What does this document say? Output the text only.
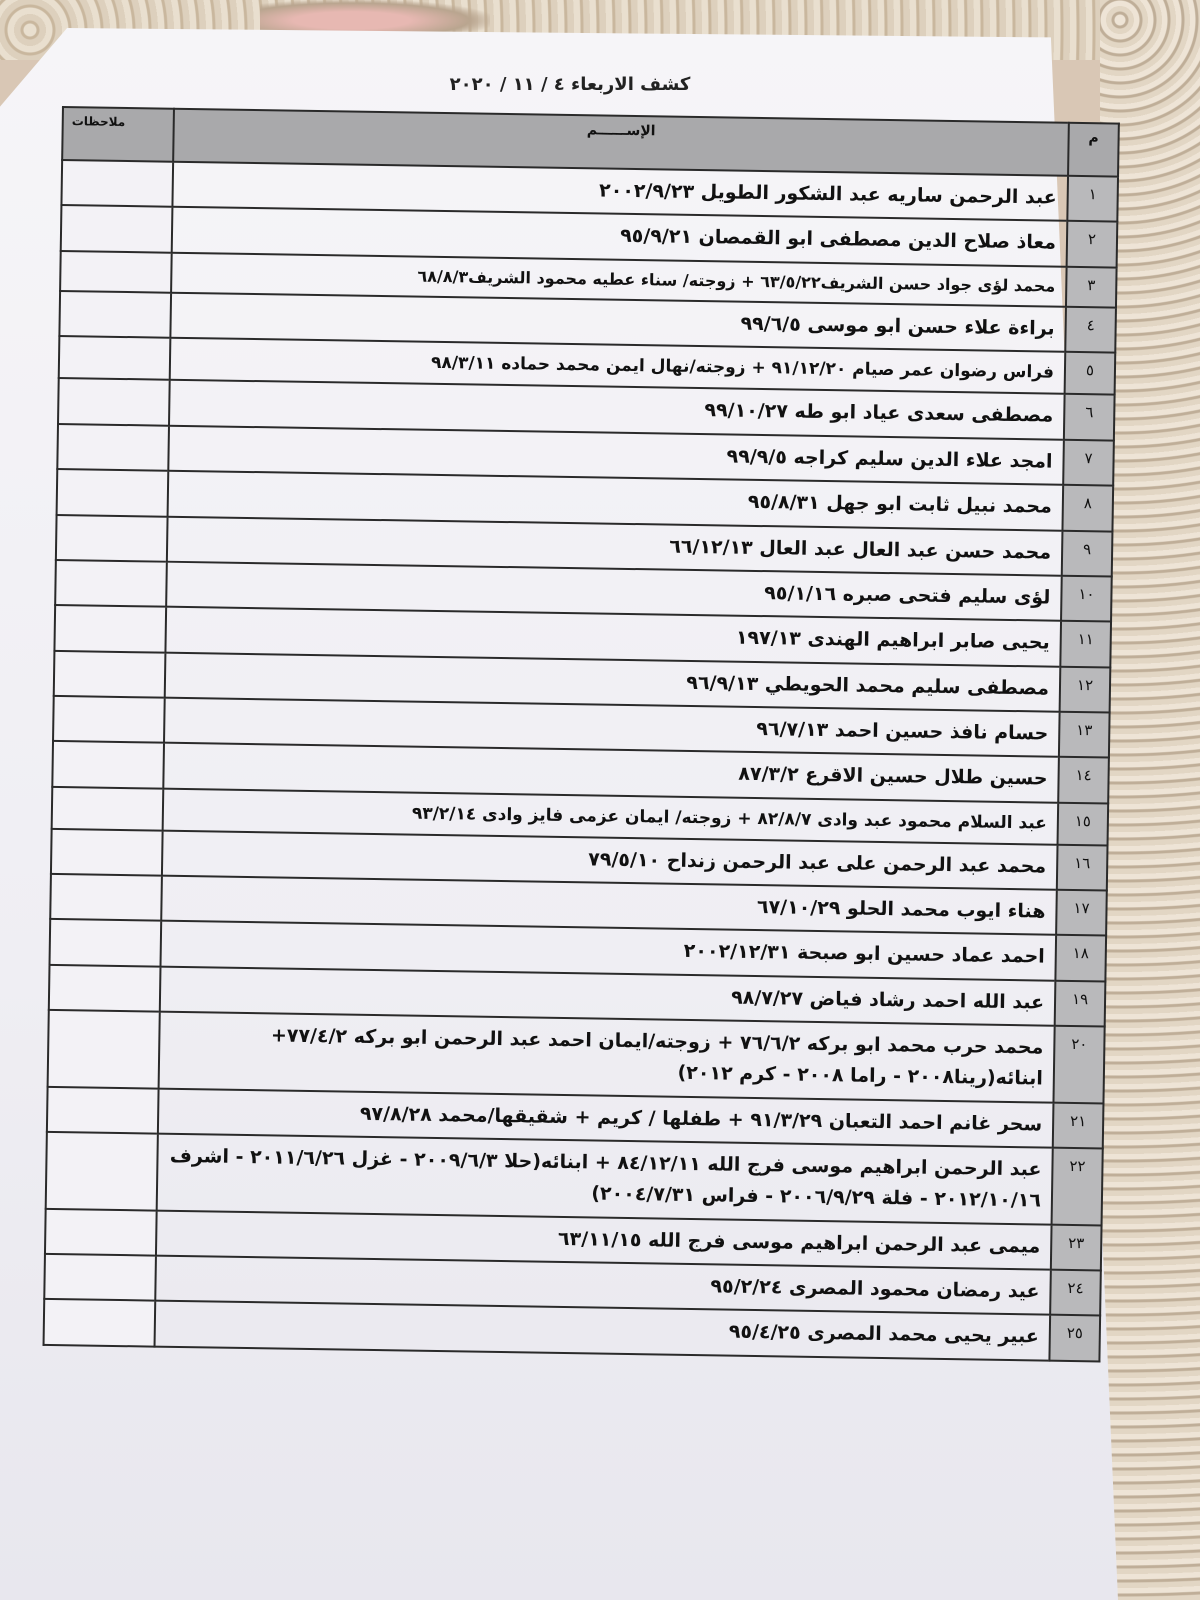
كشف الاربعاء ٤ / ١١ / ٢٠٢٠
م	الإســــــم	ملاحظات
١	عبد الرحمن ساريه عبد الشكور الطويل ٢٠٠٢/٩/٢٣	
٢	معاذ صلاح الدين مصطفى ابو القمصان ٩٥/٩/٢١	
٣	محمد لؤى جواد حسن الشريف٦٣/٥/٢٢ + زوجته/ سناء عطيه محمود الشريف٦٨/٨/٣	
٤	براءة علاء حسن ابو موسى ٩٩/٦/٥	
٥	فراس رضوان عمر صيام ٩١/١٢/٢٠ + زوجته/نهال ايمن محمد حماده ٩٨/٣/١١	
٦	مصطفى سعدى عياد ابو طه ٩٩/١٠/٢٧	
٧	امجد علاء الدين سليم كراجه ٩٩/٩/٥	
٨	محمد نبيل ثابت ابو جهل ٩٥/٨/٣١	
٩	محمد حسن عبد العال عبد العال ٦٦/١٢/١٣	
١٠	لؤى سليم فتحى صبره ٩٥/١/١٦	
١١	يحيى صابر ابراهيم الهندى ١٩٧/١٣	
١٢	مصطفى سليم محمد الحويطي ٩٦/٩/١٣	
١٣	حسام نافذ حسين احمد ٩٦/٧/١٣	
١٤	حسين طلال حسين الاقرع ٨٧/٣/٢	
١٥	عبد السلام محمود عبد وادى ٨٢/٨/٧ + زوجته/ ايمان عزمى فايز وادى ٩٣/٢/١٤	
١٦	محمد عبد الرحمن على عبد الرحمن زنداح ٧٩/٥/١٠	
١٧	هناء ايوب محمد الحلو ٦٧/١٠/٢٩	
١٨	احمد عماد حسين ابو صبحة ٢٠٠٢/١٢/٣١	
١٩	عبد الله احمد رشاد فياض ٩٨/٧/٢٧	
٢٠	محمد حرب محمد ابو بركه ٧٦/٦/٢ + زوجته/ايمان احمد عبد الرحمن ابو بركه ٧٧/٤/٢+ ابنائه(رينا٢٠٠٨ - راما ٢٠٠٨ - كرم ٢٠١٢)	
٢١	سحر غانم احمد التعبان ٩١/٣/٢٩ + طفلها / كريم + شقيقها/محمد ٩٧/٨/٢٨	
٢٢	عبد الرحمن ابراهيم موسى فرج الله ٨٤/١٢/١١ + ابنائه(حلا ٢٠٠٩/٦/٣ - غزل ٢٠١١/٦/٢٦ - اشرف ٢٠١٢/١٠/١٦ - فلة ٢٠٠٦/٩/٢٩ - فراس ٢٠٠٤/٧/٣١)	
٢٣	ميمى عبد الرحمن ابراهيم موسى فرج الله ٦٣/١١/١٥	
٢٤	عيد رمضان محمود المصرى ٩٥/٢/٢٤	
٢٥	عبير يحيى محمد المصرى ٩٥/٤/٢٥	
